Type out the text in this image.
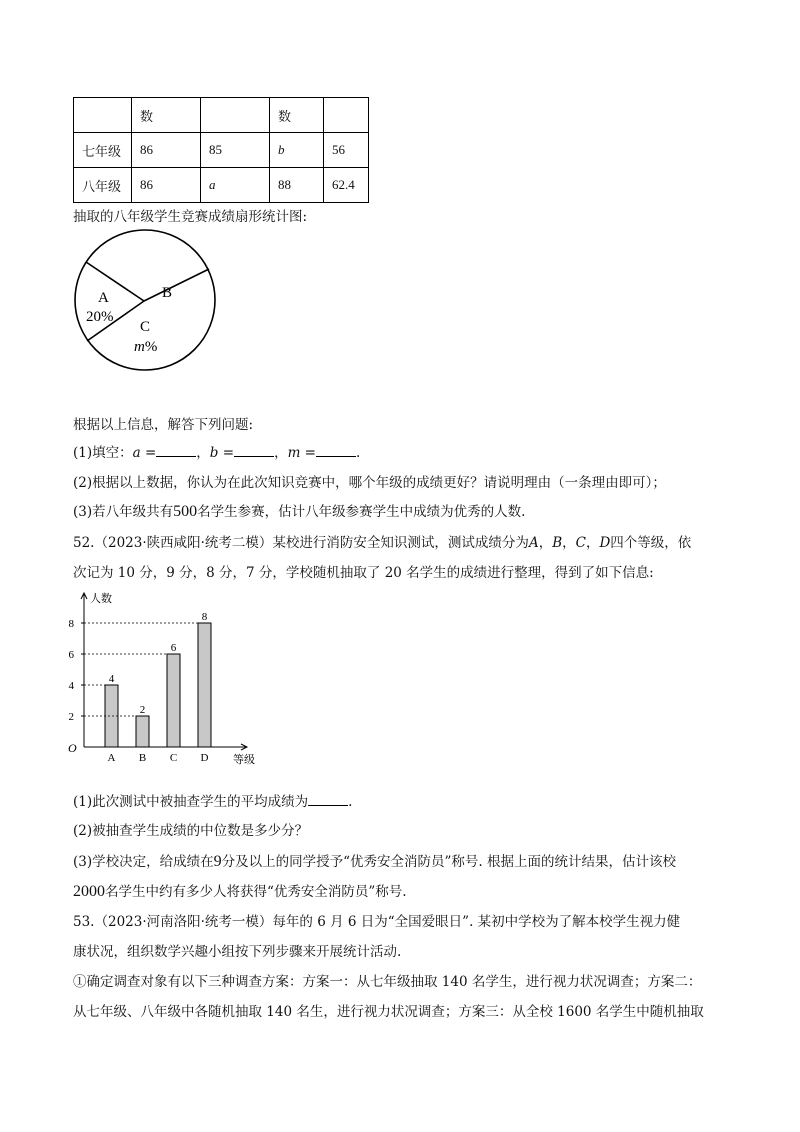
	数		数	
七年级	86	85	b	56
八年级	86	a	88	62.4
抽取的八年级学生竞赛成绩扇形统计图:
A
20%
B
C
m%
根据以上信息，解答下列问题:
(1)填空：a =	，b =	，m =	.
(2)根据以上数据，你认为在此次知识竞赛中，哪个年级的成绩更好？请说明理由（一条理由即可）；
(3)若八年级共有500名学生参赛，估计八年级参赛学生中成绩为优秀的人数.
52.（2023·陕西咸阳·统考二模）某校进行消防安全知识测试，测试成绩分为A，B，C，D四个等级，依
次记为 10 分，9 分，8 分，7 分，学校随机抽取了 20 名学生的成绩进行整理，得到了如下信息:
人数
等级
O
2
4
6
8
4
A
2
B
6
C
8
D
(1)此次测试中被抽查学生的平均成绩为	.
(2)被抽查学生成绩的中位数是多少分？
(3)学校决定，给成绩在9分及以上的同学授予“优秀安全消防员”称号. 根据上面的统计结果，估计该校
2000名学生中约有多少人将获得“优秀安全消防员”称号.
53.（2023·河南洛阳·统考一模）每年的 6 月 6 日为“全国爱眼日”. 某初中学校为了解本校学生视力健
康状况，组织数学兴趣小组按下列步骤来开展统计活动.
①确定调查对象有以下三种调查方案：方案一：从七年级抽取 140 名学生，进行视力状况调查；方案二：
从七年级、八年级中各随机抽取 140 名生，进行视力状况调查；方案三：从全校 1600 名学生中随机抽取
